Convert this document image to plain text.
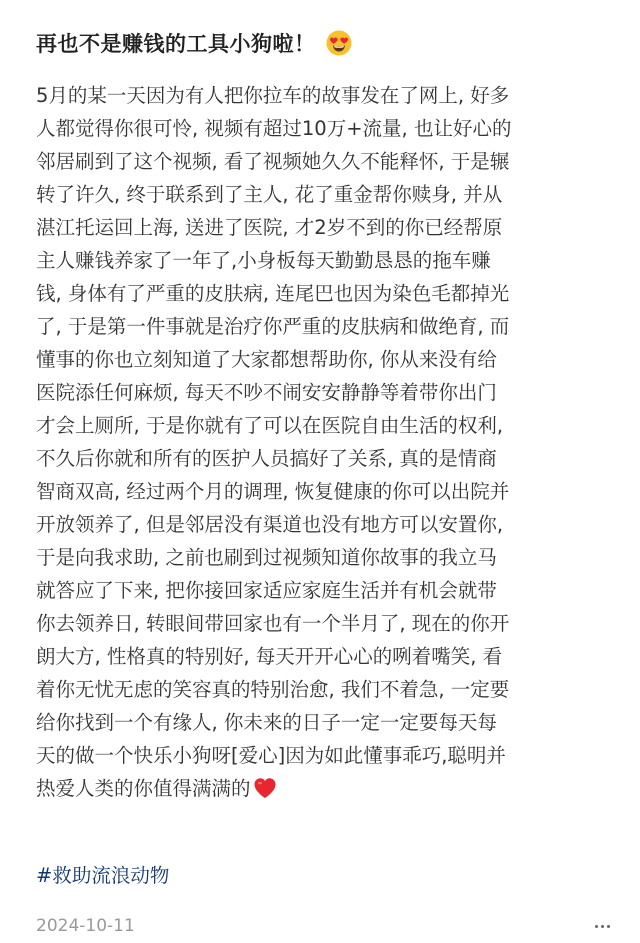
再也不是赚钱的工具小狗啦！
5月的某一天因为有人把你拉车的故事发在了网上, 好多
人都觉得你很可怜, 视频有超过10万+流量, 也让好心的
邻居刷到了这个视频, 看了视频她久久不能释怀, 于是辗
转了许久, 终于联系到了主人, 花了重金帮你赎身, 并从
湛江托运回上海, 送进了医院, 才2岁不到的你已经帮原
主人赚钱养家了一年了,小身板每天勤勤恳恳的拖车赚
钱, 身体有了严重的皮肤病, 连尾巴也因为染色毛都掉光
了, 于是第一件事就是治疗你严重的皮肤病和做绝育, 而
懂事的你也立刻知道了大家都想帮助你, 你从来没有给
医院添任何麻烦, 每天不吵不闹安安静静等着带你出门
才会上厕所, 于是你就有了可以在医院自由生活的权利,
不久后你就和所有的医护人员搞好了关系, 真的是情商
智商双高, 经过两个月的调理, 恢复健康的你可以出院并
开放领养了, 但是邻居没有渠道也没有地方可以安置你,
于是向我求助, 之前也刷到过视频知道你故事的我立马
就答应了下来, 把你接回家适应家庭生活并有机会就带
你去领养日, 转眼间带回家也有一个半月了, 现在的你开
朗大方, 性格真的特别好, 每天开开心心的咧着嘴笑, 看
着你无忧无虑的笑容真的特别治愈, 我们不着急, 一定要
给你找到一个有缘人, 你未来的日子一定一定要每天每
天的做一个快乐小狗呀[爱心]因为如此懂事乖巧,聪明并
热爱人类的你值得满满的
#救助流浪动物
2024-10-11
